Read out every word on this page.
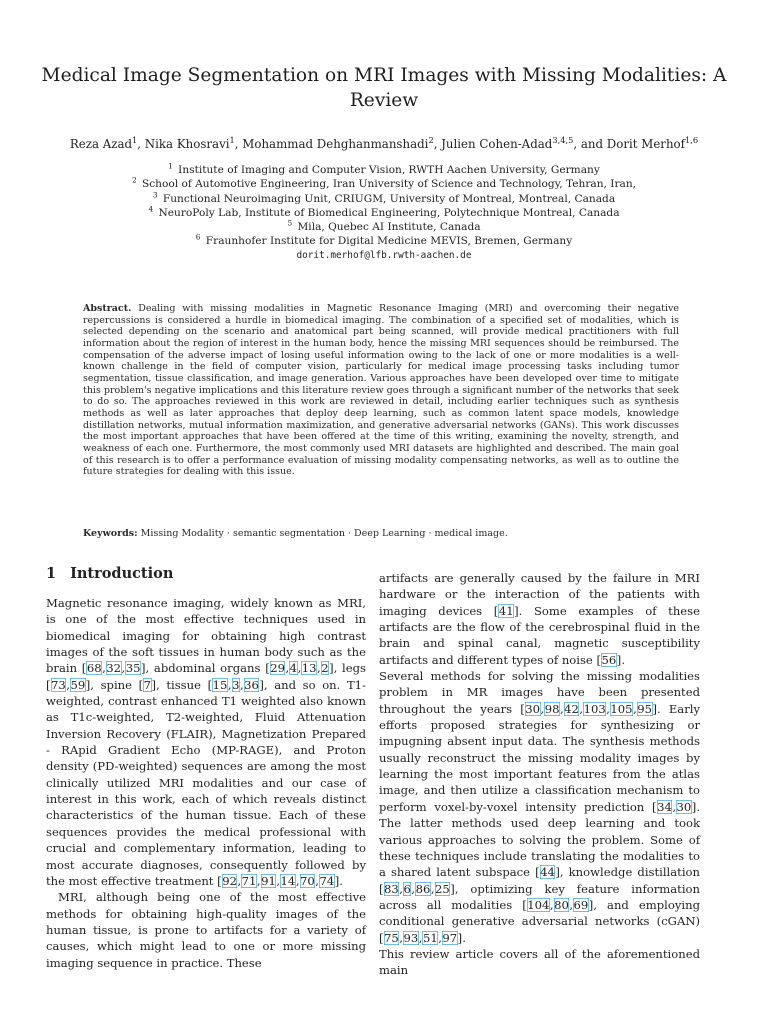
Medical Image Segmentation on MRI Images with Missing Modalities: A Review
Reza Azad$^1$, Nika Khosravi$^1$, Mohammad Dehghanmanshadi$^2$, Julien Cohen-Adad$^{3,4,5}$, and Dorit Merhof$^{1,6}$
$^1$ Institute of Imaging and Computer Vision, RWTH Aachen University, Germany
$^2$ School of Automotive Engineering, Iran University of Science and Technology, Tehran, Iran,
$^3$ Functional Neuroimaging Unit, CRIUGM, University of Montreal, Montreal, Canada
$^4$ NeuroPoly Lab, Institute of Biomedical Engineering, Polytechnique Montreal, Canada
$^5$ Mila, Quebec AI Institute, Canada
$^6$ Fraunhofer Institute for Digital Medicine MEVIS, Bremen, Germany
dorit.merhof@lfb.rwth-aachen.de
Abstract. Dealing with missing modalities in Magnetic Resonance Imaging (MRI) and overcoming their negative repercussions is considered a hurdle in biomedical imaging. The combination of a specified set of modalities, which is selected depending on the scenario and anatomical part being scanned, will provide medical practitioners with full information about the region of interest in the human body, hence the missing MRI sequences should be reimbursed. The compensation of the adverse impact of losing useful information owing to the lack of one or more modalities is a well-known challenge in the field of computer vision, particularly for medical image processing tasks including tumor segmentation, tissue classification, and image generation. Various approaches have been developed over time to mitigate this problem's negative implications and this literature review goes through a significant number of the networks that seek to do so. The approaches reviewed in this work are reviewed in detail, including earlier techniques such as synthesis methods as well as later approaches that deploy deep learning, such as common latent space models, knowledge distillation networks, mutual information maximization, and generative adversarial networks (GANs). This work discusses the most important approaches that have been offered at the time of this writing, examining the novelty, strength, and weakness of each one. Furthermore, the most commonly used MRI datasets are highlighted and described. The main goal of this research is to offer a performance evaluation of missing modality compensating networks, as well as to outline the future strategies for dealing with this issue.
Keywords: Missing Modality · semantic segmentation · Deep Learning · medical image.
1 Introduction

Magnetic resonance imaging, widely known as MRI, is one of the most effective techniques used in biomedical imaging for obtaining high contrast images of the soft tissues in human body such as the brain [68,32,35], abdominal organs [29,4,13,2], legs [73,59], spine [7], tissue [15,3,36], and so on. T1-weighted, contrast enhanced T1 weighted also known as T1c-weighted, T2-weighted, Fluid Attenuation Inversion Recovery (FLAIR), Magnetization Prepared - RApid Gradient Echo (MP-RAGE), and Proton density (PD-weighted) sequences are among the most clinically utilized MRI modalities and our case of interest in this work, each of which reveals distinct characteristics of the human tissue. Each of these sequences provides the medical professional with crucial and complementary information, leading to most accurate diagnoses, consequently followed by the most effective treatment [92,71,91,14,70,74].

MRI, although being one of the most effective methods for obtaining high-quality images of the human tissue, is prone to artifacts for a variety of causes, which might lead to one or more missing imaging sequence in practice. These

artifacts are generally caused by the failure in MRI hardware or the interaction of the patients with imaging devices [41]. Some examples of these artifacts are the flow of the cerebrospinal fluid in the brain and spinal canal, magnetic susceptibility artifacts and different types of noise [56].

Several methods for solving the missing modalities problem in MR images have been presented throughout the years [30,98,42,103,105,95]. Early efforts proposed strategies for synthesizing or impugning absent input data. The synthesis methods usually reconstruct the missing modality images by learning the most important features from the atlas image, and then utilize a classification mechanism to perform voxel-by-voxel intensity prediction [34,30]. The latter methods used deep learning and took various approaches to solving the problem. Some of these techniques include translating the modalities to a shared latent subspace [44], knowledge distillation [83,6,86,25], optimizing key feature information across all modalities [104,80,69], and employing conditional generative adversarial networks (cGAN) [75,93,51,97].

This review article covers all of the aforementioned main
